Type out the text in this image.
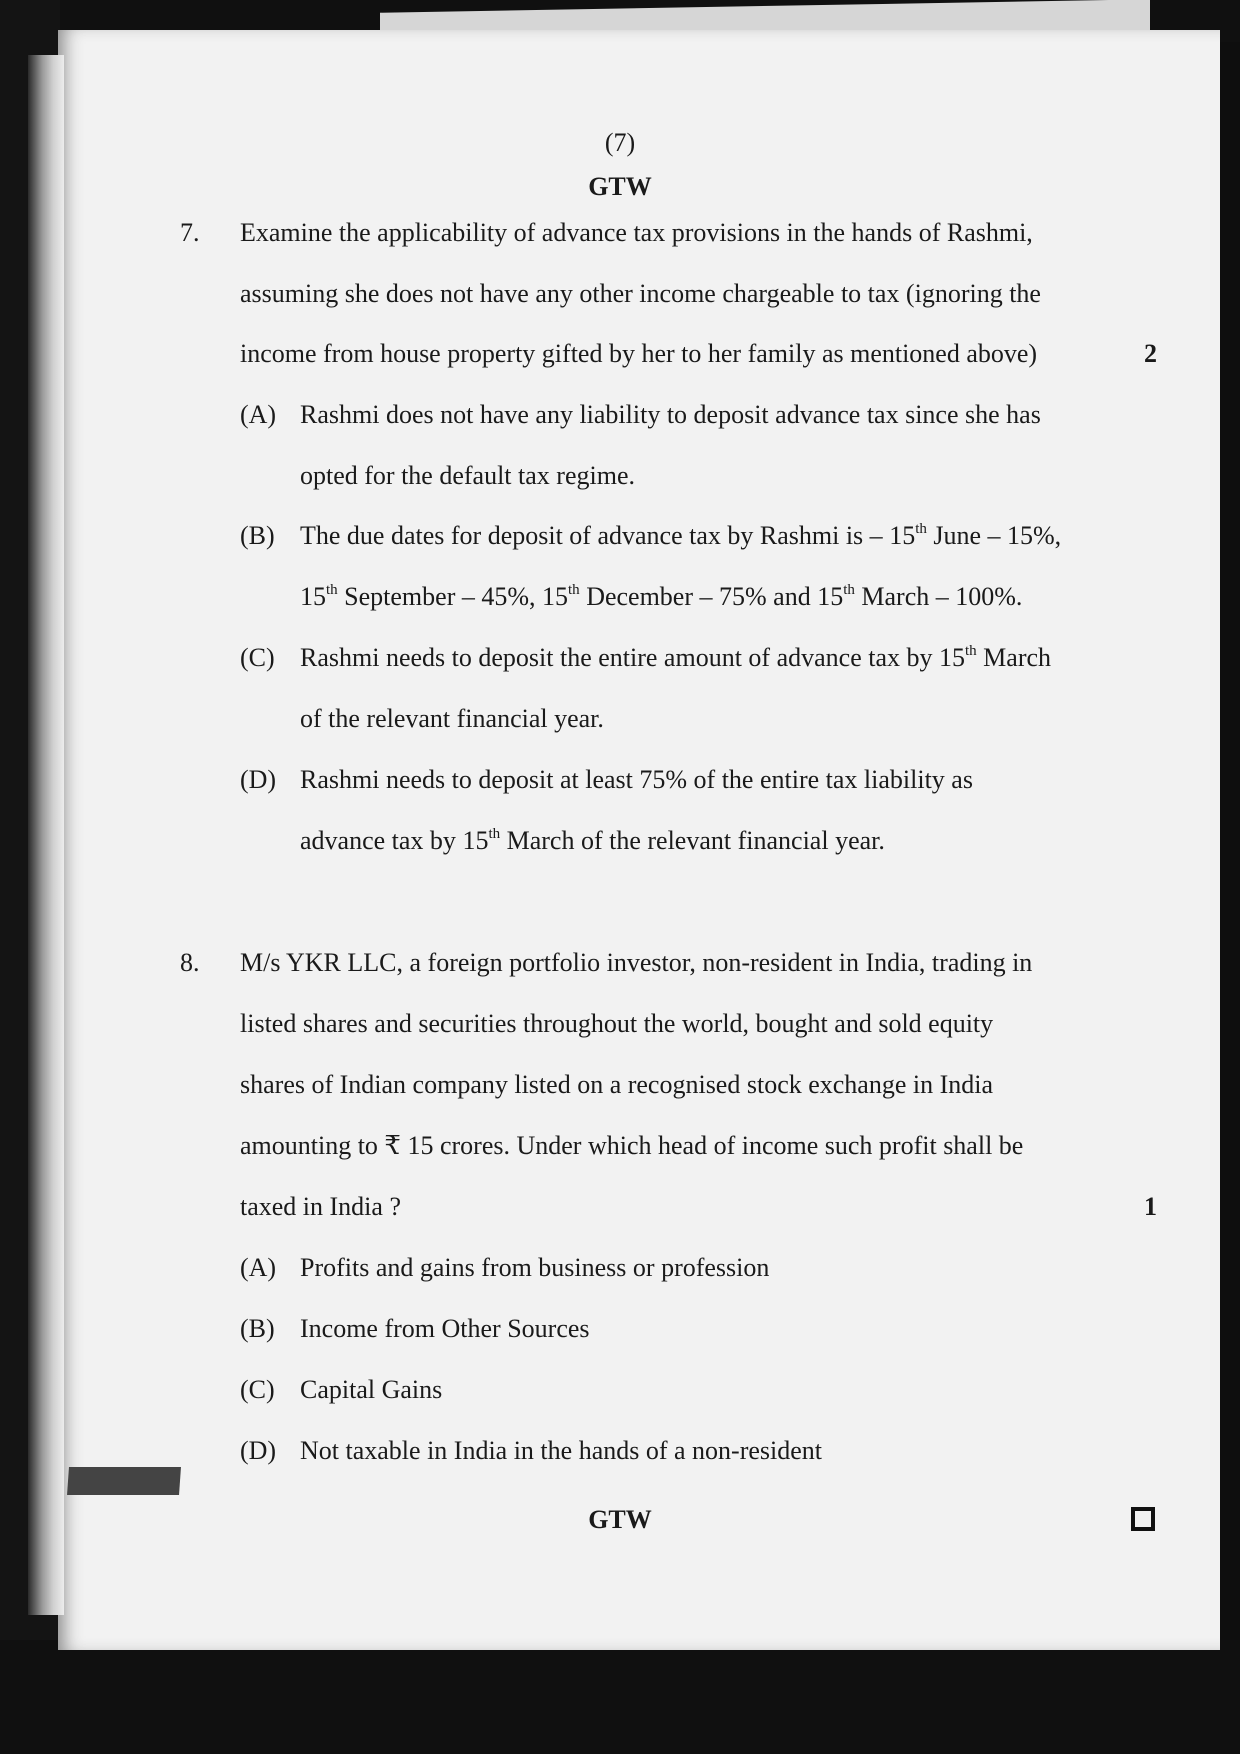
(7)
GTW
7. Examine the applicability of advance tax provisions in the hands of Rashmi,
assuming she does not have any other income chargeable to tax (ignoring the
income from house property gifted by her to her family as mentioned above)	2
(A) Rashmi does not have any liability to deposit advance tax since she has
opted for the default tax regime.
(B) The due dates for deposit of advance tax by Rashmi is – 15th June – 15%,
15th September – 45%, 15th December – 75% and 15th March – 100%.
(C) Rashmi needs to deposit the entire amount of advance tax by 15th March
of the relevant financial year.
(D) Rashmi needs to deposit at least 75% of the entire tax liability as
advance tax by 15th March of the relevant financial year.
8. M/s YKR LLC, a foreign portfolio investor, non-resident in India, trading in
listed shares and securities throughout the world, bought and sold equity
shares of Indian company listed on a recognised stock exchange in India
amounting to ₹ 15 crores. Under which head of income such profit shall be
taxed in India ?	1
(A) Profits and gains from business or profession
(B) Income from Other Sources
(C) Capital Gains
(D) Not taxable in India in the hands of a non-resident
GTW
